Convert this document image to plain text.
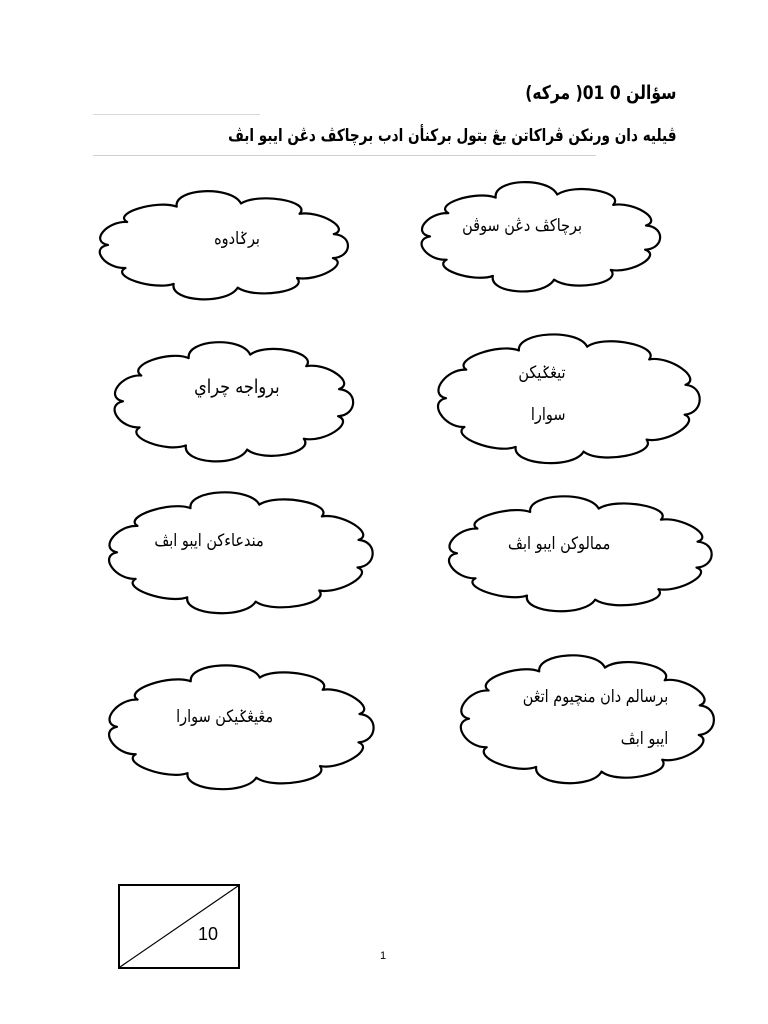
سؤالن 0 01( مركه)
ڤيليه دان ورنكن ڤراكاتن يڠ بتول بركنأن ادب برچاكڤ دڠن ايبو ابڤ
برچاكڤ دڠن سوڤن
برݢادوه
تيڠݢيكن
سوارا
برواجه چراي
ممالوكن ايبو ابڤ
مندعاءكن ايبو ابڤ
برسالم دان منچيوم اتڠن
ايبو ابڤ
مڠيڠݢيكن سوارا
10
1
